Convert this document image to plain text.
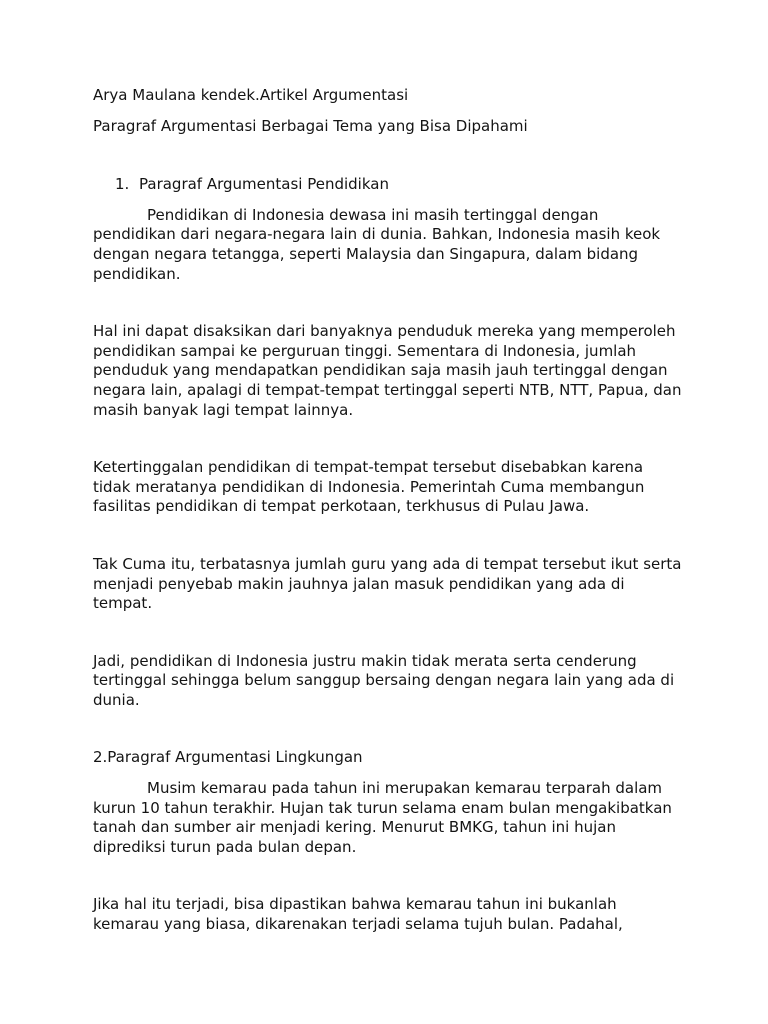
Arya Maulana kendek.Artikel Argumentasi

Paragraf Argumentasi Berbagai Tema yang Bisa Dipahami

1. Paragraf Argumentasi Pendidikan

Pendidikan di Indonesia dewasa ini masih tertinggal dengan pendidikan dari negara-negara lain di dunia. Bahkan, Indonesia masih keok dengan negara tetangga, seperti Malaysia dan Singapura, dalam bidang pendidikan.

Hal ini dapat disaksikan dari banyaknya penduduk mereka yang memperoleh pendidikan sampai ke perguruan tinggi. Sementara di Indonesia, jumlah penduduk yang mendapatkan pendidikan saja masih jauh tertinggal dengan negara lain, apalagi di tempat-tempat tertinggal seperti NTB, NTT, Papua, dan masih banyak lagi tempat lainnya.

Ketertinggalan pendidikan di tempat-tempat tersebut disebabkan karena tidak meratanya pendidikan di Indonesia. Pemerintah Cuma membangun fasilitas pendidikan di tempat perkotaan, terkhusus di Pulau Jawa.

Tak Cuma itu, terbatasnya jumlah guru yang ada di tempat tersebut ikut serta menjadi penyebab makin jauhnya jalan masuk pendidikan yang ada di tempat.

Jadi, pendidikan di Indonesia justru makin tidak merata serta cenderung tertinggal sehingga belum sanggup bersaing dengan negara lain yang ada di dunia.

2.Paragraf Argumentasi Lingkungan

Musim kemarau pada tahun ini merupakan kemarau terparah dalam kurun 10 tahun terakhir. Hujan tak turun selama enam bulan mengakibatkan tanah dan sumber air menjadi kering. Menurut BMKG, tahun ini hujan diprediksi turun pada bulan depan.

Jika hal itu terjadi, bisa dipastikan bahwa kemarau tahun ini bukanlah kemarau yang biasa, dikarenakan terjadi selama tujuh bulan. Padahal,
